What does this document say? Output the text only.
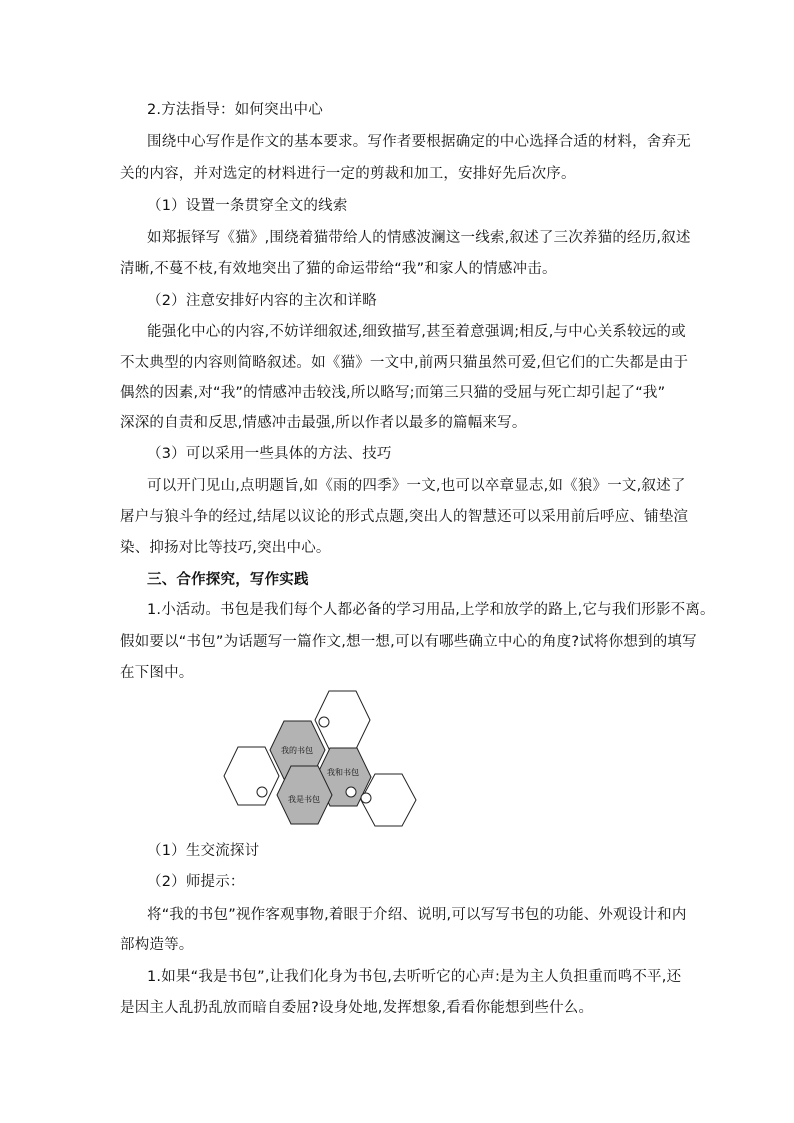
2.方法指导：如何突出中心
围绕中心写作是作文的基本要求。写作者要根据确定的中心选择合适的材料，舍弃无
关的内容，并对选定的材料进行一定的剪裁和加工，安排好先后次序。
（1）设置一条贯穿全文的线索
如郑振铎写《猫》,围绕着猫带给人的情感波澜这一线索,叙述了三次养猫的经历,叙述
清晰,不蔓不枝,有效地突出了猫的命运带给“我”和家人的情感冲击。
（2）注意安排好内容的主次和详略
能强化中心的内容,不妨详细叙述,细致描写,甚至着意强调;相反,与中心关系较远的或
不太典型的内容则简略叙述。如《猫》一文中,前两只猫虽然可爱,但它们的亡失都是由于
偶然的因素,对“我”的情感冲击较浅,所以略写;而第三只猫的受屈与死亡却引起了“我”
深深的自责和反思,情感冲击最强,所以作者以最多的篇幅来写。
（3）可以采用一些具体的方法、技巧
可以开门见山,点明题旨,如《雨的四季》一文,也可以卒章显志,如《狼》一文,叙述了
屠户与狼斗争的经过,结尾以议论的形式点题,突出人的智慧还可以采用前后呼应、铺垫渲
染、抑扬对比等技巧,突出中心。
三、合作探究，写作实践
1.小活动。书包是我们每个人都必备的学习用品,上学和放学的路上,它与我们形影不离。
假如要以“书包”为话题写一篇作文,想一想,可以有哪些确立中心的角度?试将你想到的填写
在下图中。
我的书包
我和书包
我是书包
（1）生交流探讨
（2）师提示：
将“我的书包”视作客观事物,着眼于介绍、说明,可以写写书包的功能、外观设计和内
部构造等。
1.如果“我是书包”,让我们化身为书包,去听听它的心声:是为主人负担重而鸣不平,还
是因主人乱扔乱放而暗自委屈?设身处地,发挥想象,看看你能想到些什么。
